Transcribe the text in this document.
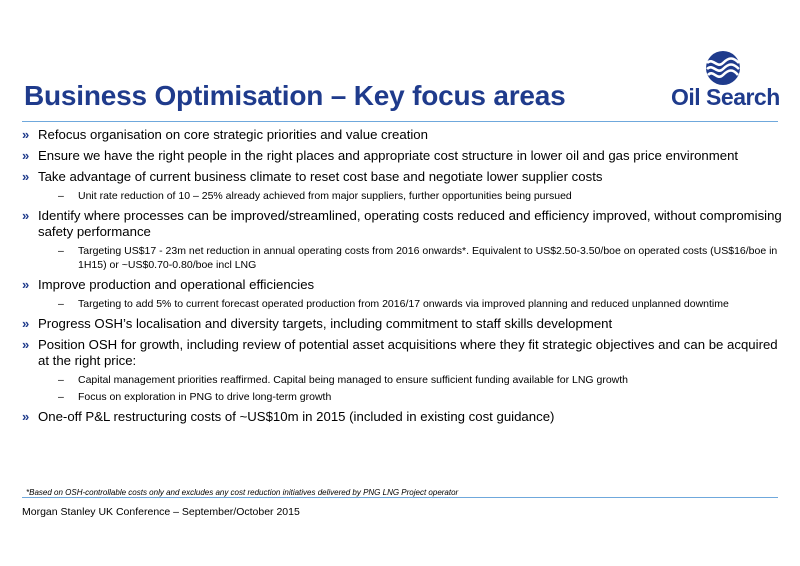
Business Optimisation – Key focus areas	Oil Search
» Refocus organisation on core strategic priorities and value creation
» Ensure we have the right people in the right places and appropriate cost structure in lower oil and gas price environment
» Take advantage of current business climate to reset cost base and negotiate lower supplier costs
– Unit rate reduction of 10 – 25% already achieved from major suppliers, further opportunities being pursued
» Identify where processes can be improved/streamlined, operating costs reduced and efficiency improved, without compromising safety performance
– Targeting US$17 - 23m net reduction in annual operating costs from 2016 onwards*. Equivalent to US$2.50-3.50/boe on operated costs (US$16/boe in 1H15) or ~US$0.70-0.80/boe incl LNG
» Improve production and operational efficiencies
– Targeting to add 5% to current forecast operated production from 2016/17 onwards via improved planning and reduced unplanned downtime
» Progress OSH’s localisation and diversity targets, including commitment to staff skills development
» Position OSH for growth, including review of potential asset acquisitions where they fit strategic objectives and can be acquired at the right price:
– Capital management priorities reaffirmed. Capital being managed to ensure sufficient funding available for LNG growth
– Focus on exploration in PNG to drive long-term growth
» One-off P&L restructuring costs of ~US$10m in 2015 (included in existing cost guidance)
*Based on OSH-controllable costs only and excludes any cost reduction initiatives delivered by PNG LNG Project operator
Morgan Stanley UK Conference – September/October 2015
